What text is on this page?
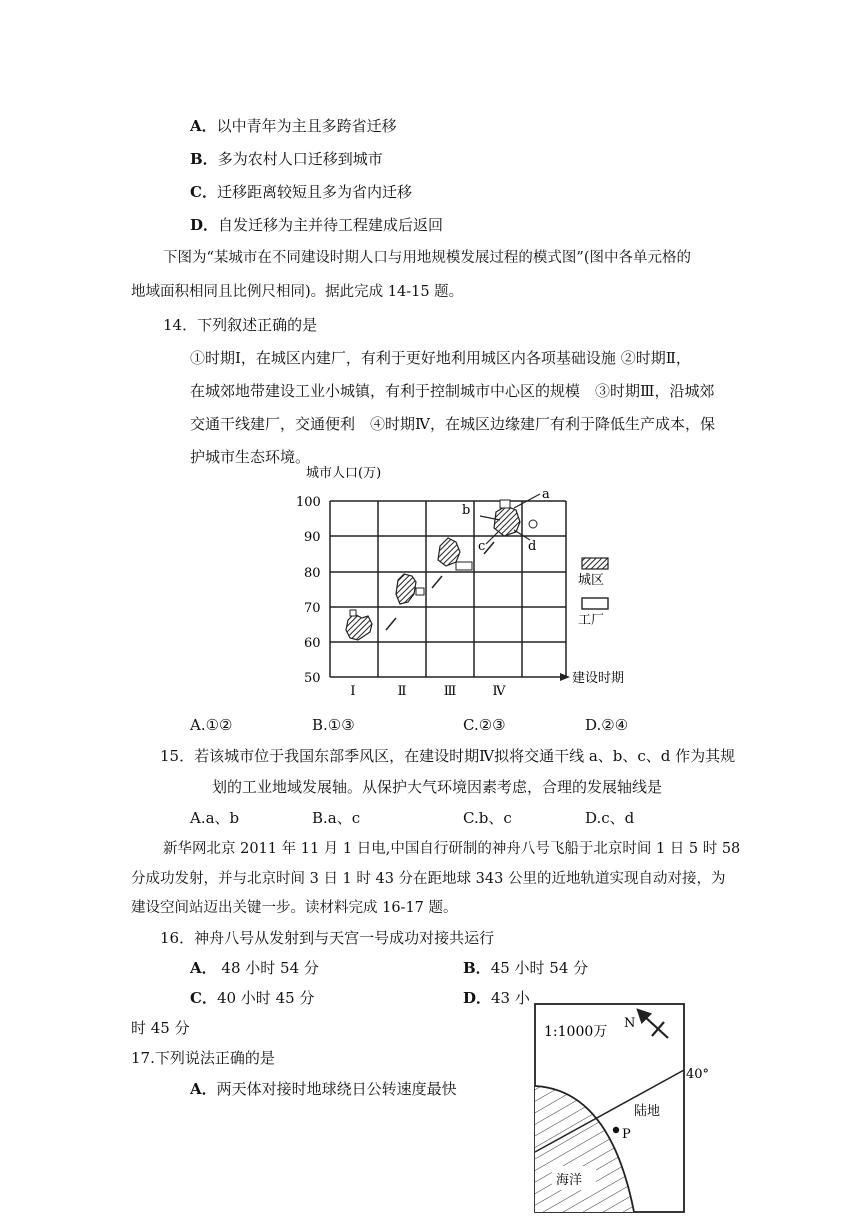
A．以中青年为主且多跨省迁移
B．多为农村人口迁移到城市
C．迁移距离较短且多为省内迁移
D．自发迁移为主并待工程建成后返回
下图为“某城市在不同建设时期人口与用地规模发展过程的模式图”(图中各单元格的
地域面积相同且比例尺相同)。据此完成 14-15 题。
14．下列叙述正确的是
①时期Ⅰ，在城区内建厂，有利于更好地利用城区内各项基础设施 ②时期Ⅱ，
在城郊地带建设工业小城镇，有利于控制城市中心区的规模　③时期Ⅲ，沿城郊
交通干线建厂，交通便利　④时期Ⅳ，在城区边缘建厂有利于降低生产成本，保
护城市生态环境。
城市人口(万)
建设时期
100
90
80
70
60
50
Ⅰ	Ⅱ	Ⅲ	Ⅳ
a
b
c	d
城区
工厂
A.①②	B.①③	C.②③	D.②④
15．若该城市位于我国东部季风区，在建设时期Ⅳ拟将交通干线 a、b、c、d 作为其规
划的工业地域发展轴。从保护大气环境因素考虑，合理的发展轴线是
A.a、b	B.a、c	C.b、c	D.c、d
新华网北京 2011 年 11 月 1 日电,中国自行研制的神舟八号飞船于北京时间 1 日 5 时 58
分成功发射，并与北京时间 3 日 1 时 43 分在距地球 343 公里的近地轨道实现自动对接，为
建设空间站迈出关键一步。读材料完成 16-17 题。
16．神舟八号从发射到与天宫一号成功对接共运行
A． 48 小时 54 分	B．45 小时 54 分
C．40 小时 45 分	D．43 小
时 45 分
17.下列说法正确的是
A．两天体对接时地球绕日公转速度最快
1:1000万
N
40°
陆地
P
海洋
